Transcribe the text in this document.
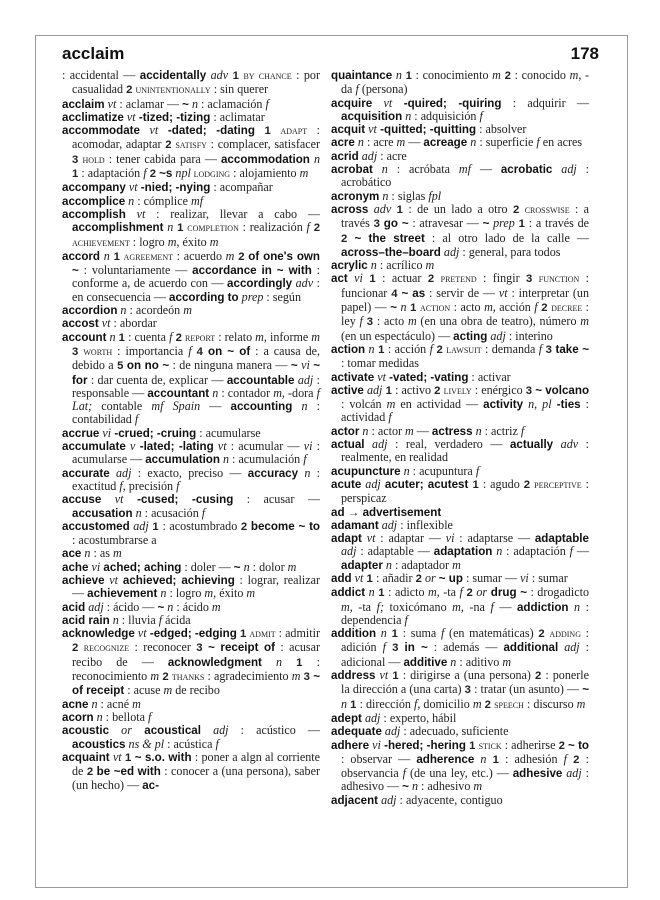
acclaim	178

: accidental — accidentally adv 1 by chance : por casualidad 2 unintentionally : sin querer

acclaim vt : aclamar — ~ n : aclamación f

acclimatize vt -tized; -tizing : aclimatar

accommodate vt -dated; -dating 1 adapt : acomodar, adaptar 2 satisfy : complacer, satisfacer 3 hold : tener cabida para — accommodation n 1 : adaptación f 2 ~s npl lodging : alojamiento m

accompany vt -nied; -nying : acompañar

accomplice n : cómplice mf

accomplish vt : realizar, llevar a cabo — accomplishment n 1 completion : realización f 2 achievement : logro m, éxito m

accord n 1 agreement : acuerdo m 2 of one's own ~ : voluntariamente — accordance in ~ with : conforme a, de acuerdo con — accordingly adv : en consecuencia — according to prep : según

accordion n : acordeón m

accost vt : abordar

account n 1 : cuenta f 2 report : relato m, informe m 3 worth : importancia f 4 on ~ of : a causa de, debido a 5 on no ~ : de ninguna manera — ~ vi ~ for : dar cuenta de, explicar — accountable adj : responsable — accountant n : contador m, -dora f Lat; contable mf Spain — accounting n : contabilidad f

accrue vi -crued; -cruing : acumularse

accumulate v -lated; -lating vt : acumular — vi : acumularse — accumulation n : acumulación f

accurate adj : exacto, preciso — accuracy n : exactitud f, precisión f

accuse vt -cused; -cusing : acusar — accusation n : acusación f

accustomed adj 1 : acostumbrado 2 become ~ to : acostumbrarse a

ace n : as m

ache vi ached; aching : doler — ~ n : dolor m

achieve vt achieved; achieving : lograr, realizar — achievement n : logro m, éxito m

acid adj : ácido — ~ n : ácido m

acid rain n : lluvia f ácida

acknowledge vt -edged; -edging 1 admit : admitir 2 recognize : reconocer 3 ~ receipt of : acusar recibo de — acknowledgment n 1 : reconocimiento m 2 thanks : agradecimiento m 3 ~ of receipt : acuse m de recibo

acne n : acné m

acorn n : bellota f

acoustic or acoustical adj : acústico — acoustics ns & pl : acústica f

acquaint vt 1 ~ s.o. with : poner a algn al corriente de 2 be ~ed with : conocer a (una persona), saber (un hecho) — ac-

quaintance n 1 : conocimiento m 2 : conocido m, -da f (persona)

acquire vt -quired; -quiring : adquirir — acquisition n : adquisición f

acquit vt -quitted; -quitting : absolver

acre n : acre m — acreage n : superficie f en acres

acrid adj : acre

acrobat n : acróbata mf — acrobatic adj : acrobático

acronym n : siglas fpl

across adv 1 : de un lado a otro 2 crosswise : a través 3 go ~ : atravesar — ~ prep 1 : a través de 2 ~ the street : al otro lado de la calle — across–the–board adj : general, para todos

acrylic n : acrílico m

act vi 1 : actuar 2 pretend : fingir 3 function : funcionar 4 ~ as : servir de — vt : interpretar (un papel) — ~ n 1 action : acto m, acción f 2 decree : ley f 3 : acto m (en una obra de teatro), número m (en un espectáculo) — acting adj : interino

action n 1 : acción f 2 lawsuit : demanda f 3 take ~ : tomar medidas

activate vt -vated; -vating : activar

active adj 1 : activo 2 lively : enérgico 3 ~ volcano : volcán m en actividad — activity n, pl -ties : actividad f

actor n : actor m — actress n : actriz f

actual adj : real, verdadero — actually adv : realmente, en realidad

acupuncture n : acupuntura f

acute adj acuter; acutest 1 : agudo 2 perceptive : perspicaz

ad → advertisement

adamant adj : inflexible

adapt vt : adaptar — vi : adaptarse — adaptable adj : adaptable — adaptation n : adaptación f — adapter n : adaptador m

add vt 1 : añadir 2 or ~ up : sumar — vi : sumar

addict n 1 : adicto m, -ta f 2 or drug ~ : drogadicto m, -ta f; toxicómano m, -na f — addiction n : dependencia f

addition n 1 : suma f (en matemáticas) 2 adding : adición f 3 in ~ : además — additional adj : adicional — additive n : aditivo m

address vt 1 : dirigirse a (una persona) 2 : ponerle la dirección a (una carta) 3 : tratar (un asunto) — ~ n 1 : dirección f, domicilio m 2 speech : discurso m

adept adj : experto, hábil

adequate adj : adecuado, suficiente

adhere vi -hered; -hering 1 stick : adherirse 2 ~ to : observar — adherence n 1 : adhesión f 2 : observancia f (de una ley, etc.) — adhesive adj : adhesivo — ~ n : adhesivo m

adjacent adj : adyacente, contiguo
